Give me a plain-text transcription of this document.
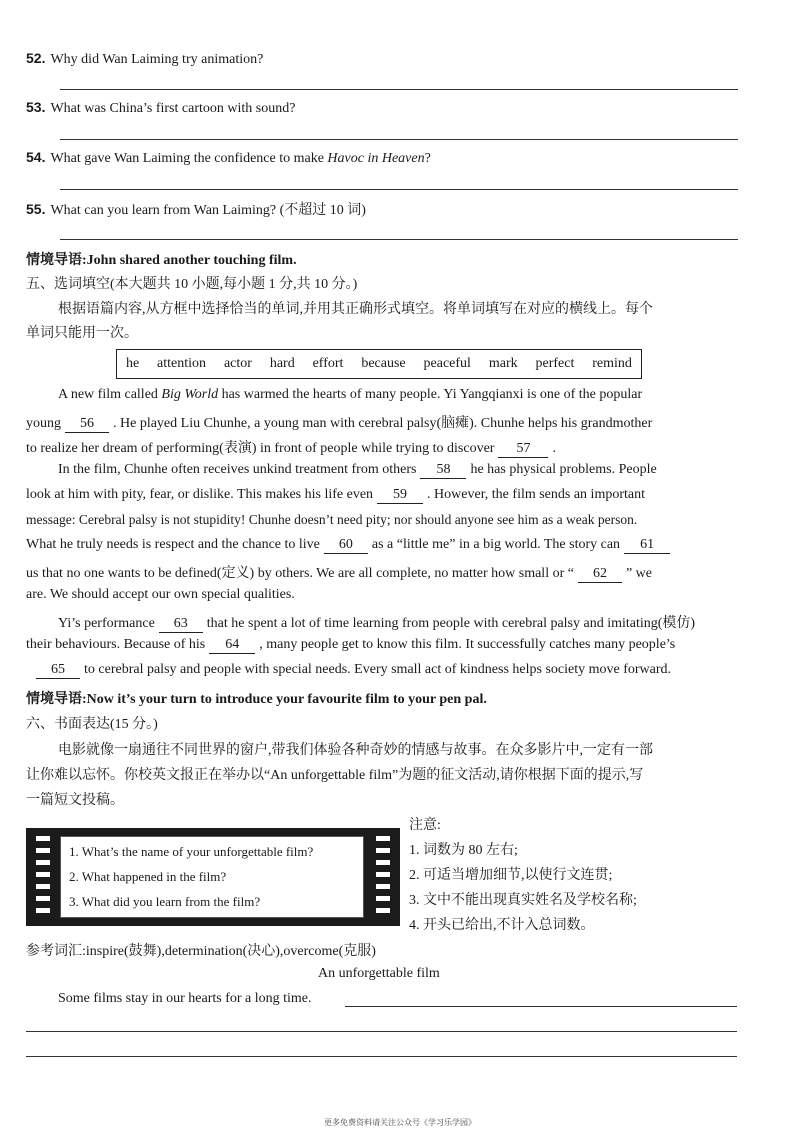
52. Why did Wan Laiming try animation?
53. What was China’s first cartoon with sound?
54. What gave Wan Laiming the confidence to make Havoc in Heaven?
55. What can you learn from Wan Laiming? (不超过 10 词)
情境导语:John shared another touching film.
五、选词填空(本大题共 10 小题,每小题 1 分,共 10 分。)
根据语篇内容,从方框中选择恰当的单词,并用其正确形式填空。将单词填写在对应的横线上。每个
单词只能用一次。
he attention actor hard effort because peaceful mark perfect remind
A new film called Big World has warmed the hearts of many people. Yi Yangqianxi is one of the popular
young 56 . He played Liu Chunhe, a young man with cerebral palsy(脑瘫). Chunhe helps his grandmother
to realize her dream of performing(表演) in front of people while trying to discover 57 .
In the film, Chunhe often receives unkind treatment from others 58 he has physical problems. People
look at him with pity, fear, or dislike. This makes his life even 59 . However, the film sends an important
message: Cerebral palsy is not stupidity! Chunhe doesn’t need pity; nor should anyone see him as a weak person.
What he truly needs is respect and the chance to live 60 as a “little me” in a big world. The story can 61
us that no one wants to be defined(定义) by others. We are all complete, no matter how small or “ 62 ” we
are. We should accept our own special qualities.
Yi’s performance 63 that he spent a lot of time learning from people with cerebral palsy and imitating(模仿)
their behaviours. Because of his 64 , many people get to know this film. It successfully catches many people’s
65 to cerebral palsy and people with special needs. Every small act of kindness helps society move forward.
情境导语:Now it’s your turn to introduce your favourite film to your pen pal.
六、书面表达(15 分。)
电影就像一扇通往不同世界的窗户,带我们体验各种奇妙的情感与故事。在众多影片中,一定有一部
让你难以忘怀。你校英文报正在举办以“An unforgettable film”为题的征文活动,请你根据下面的提示,写
一篇短文投稿。
1. What’s the name of your unforgettable film?
2. What happened in the film?
3. What did you learn from the film?
注意:
1. 词数为 80 左右;
2. 可适当增加细节,以使行文连贯;
3. 文中不能出现真实姓名及学校名称;
4. 开头已给出,不计入总词数。
参考词汇:inspire(鼓舞),determination(决心),overcome(克服)
An unforgettable film
Some films stay in our hearts for a long time.
更多免费资料请关注公众号《学习乐学园》
